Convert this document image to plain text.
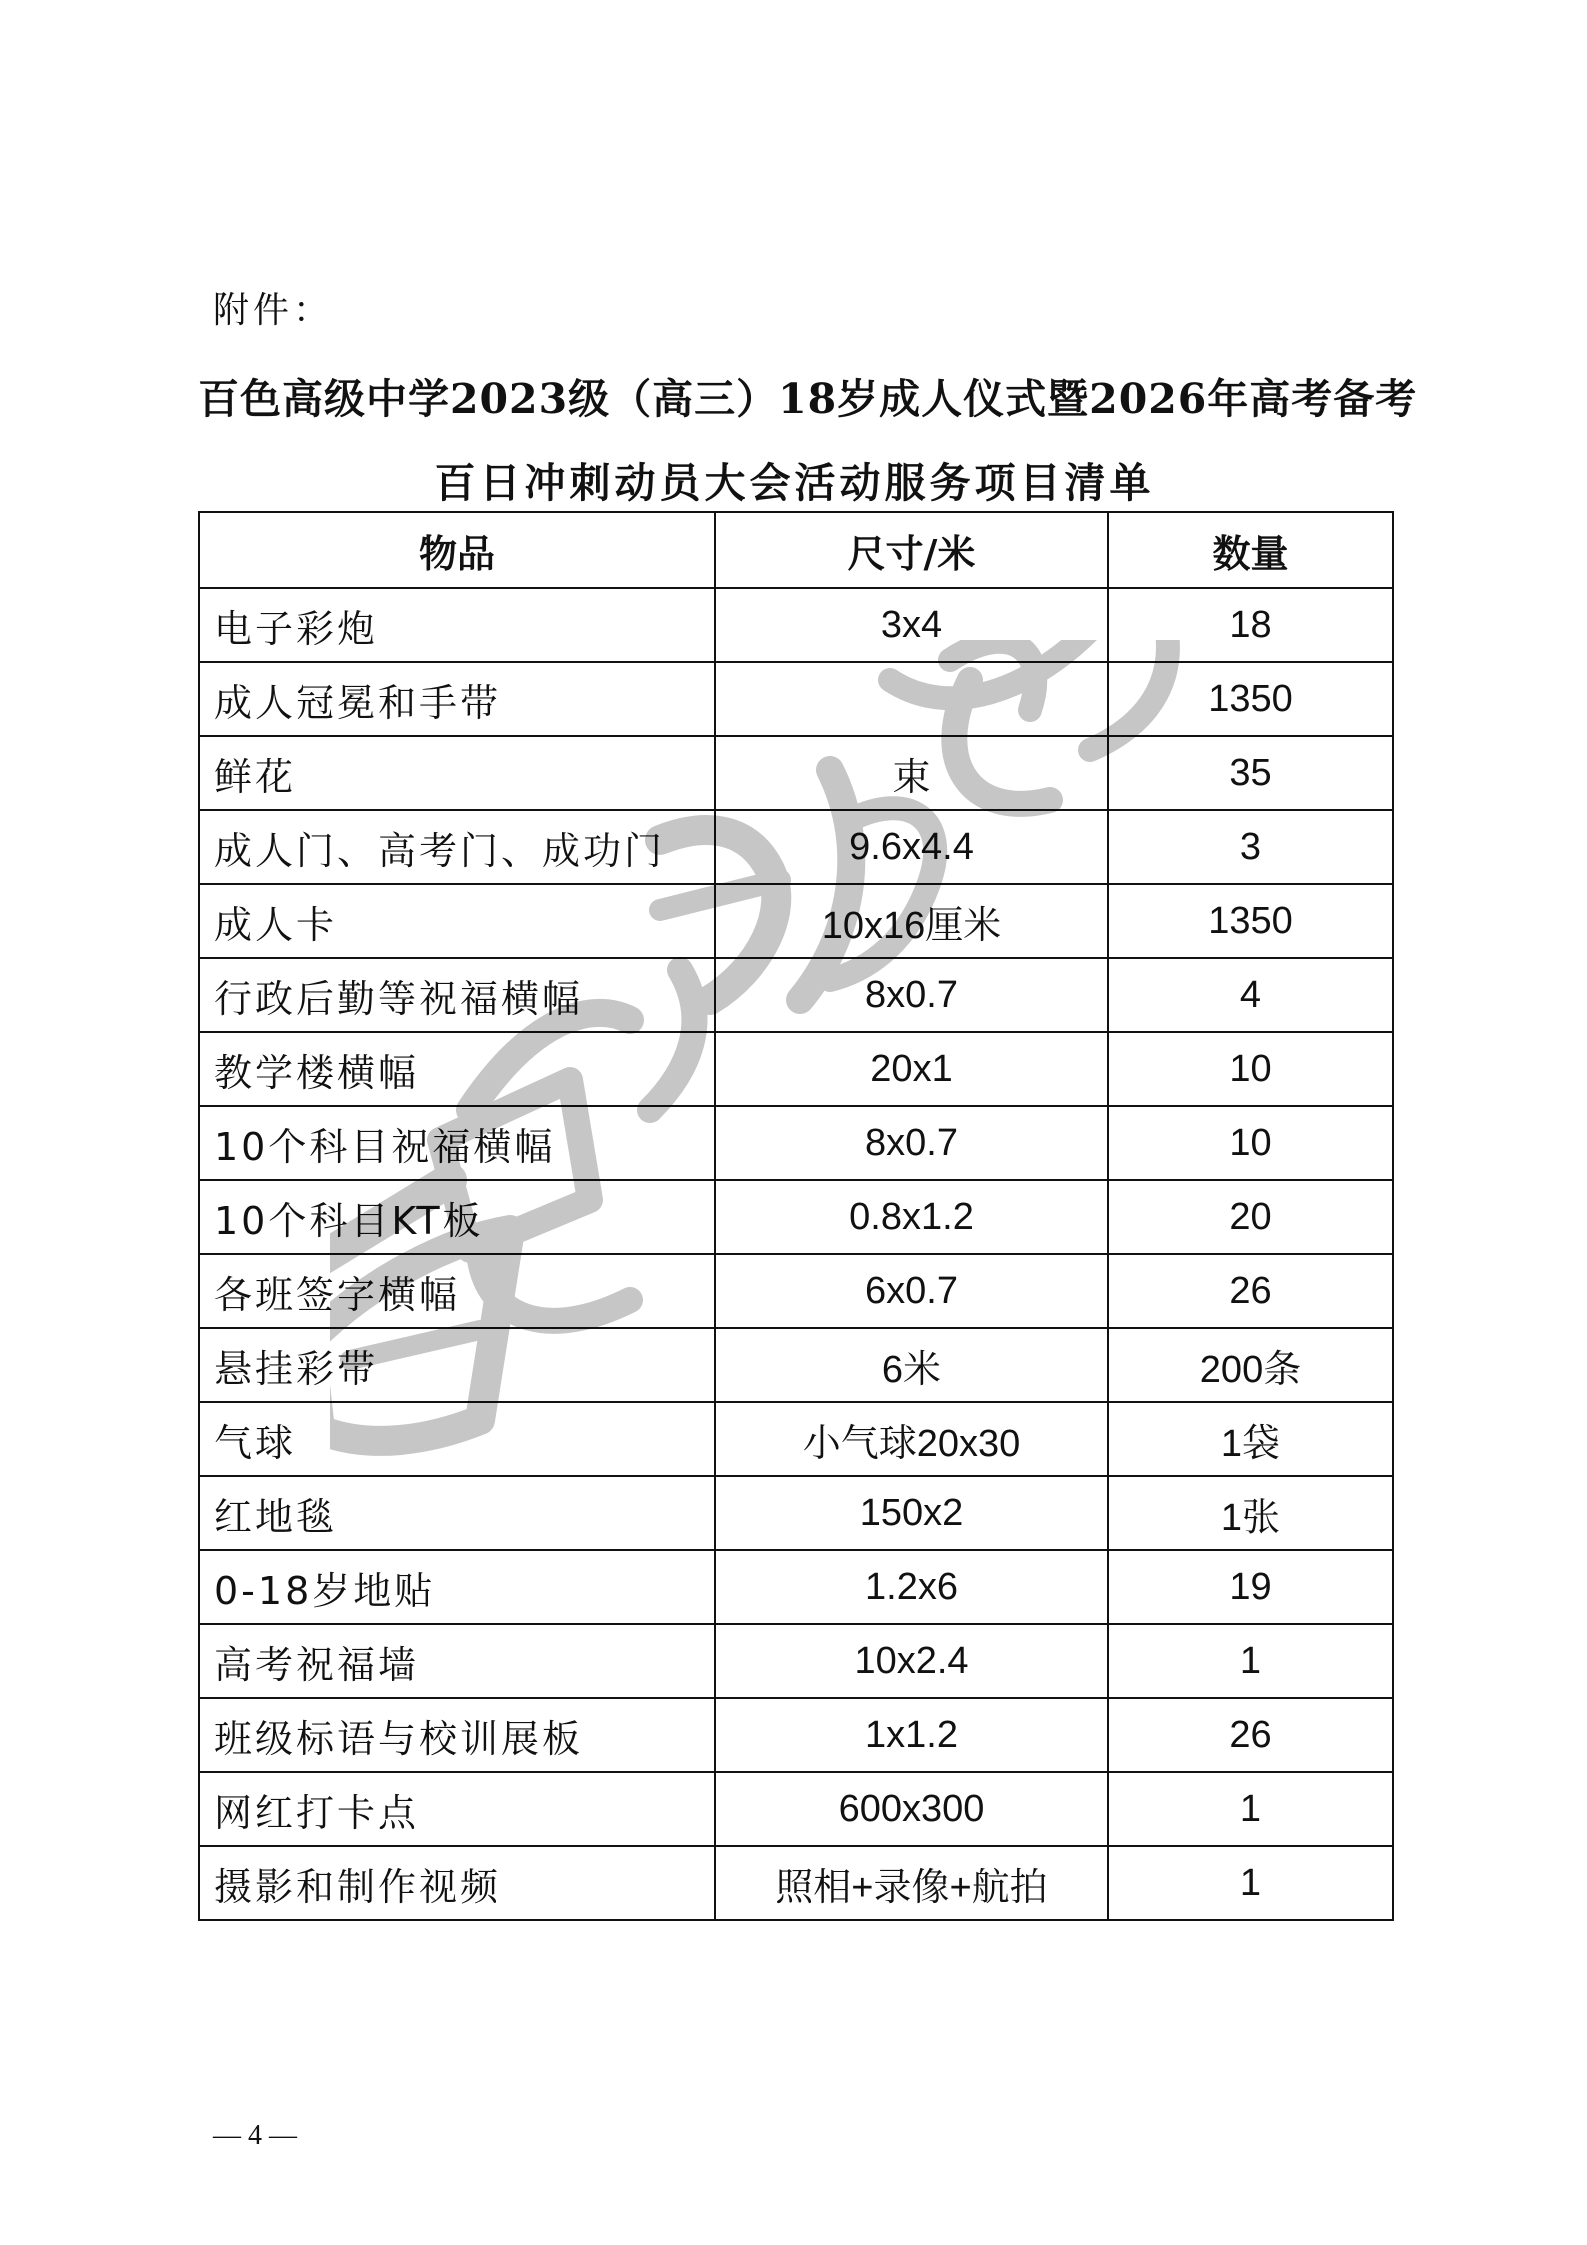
附件：
百色高级中学2023级（高三）18岁成人仪式暨2026年高考备考
百日冲刺动员大会活动服务项目清单
物品	尺寸/米	数量
电子彩炮	3x4	18
成人冠冕和手带		1350
鲜花	束	35
成人门、高考门、成功门	9.6x4.4	3
成人卡	10x16厘米	1350
行政后勤等祝福横幅	8x0.7	4
教学楼横幅	20x1	10
10个科目祝福横幅	8x0.7	10
10个科目KT板	0.8x1.2	20
各班签字横幅	6x0.7	26
悬挂彩带	6米	200条
气球	小气球20x30	1袋
红地毯	150x2	1张
0-18岁地贴	1.2x6	19
高考祝福墙	10x2.4	1
班级标语与校训展板	1x1.2	26
网红打卡点	600x300	1
摄影和制作视频	照相+录像+航拍	1
— 4 —
